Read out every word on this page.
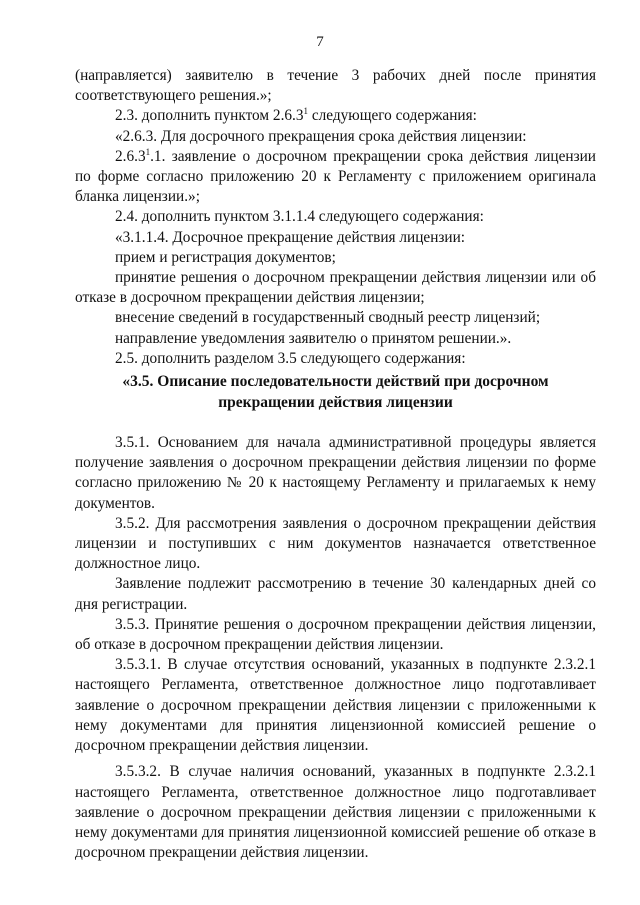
7

(направляется) заявителю в течение 3 рабочих дней после принятия соответствующего решения.»;

2.3. дополнить пунктом 2.6.3$^1$ следующего содержания:

«2.6.3. Для досрочного прекращения срока действия лицензии:

2.6.3$^1$.1. заявление о досрочном прекращении срока действия лицензии по форме согласно приложению 20 к Регламенту с приложением оригинала бланка лицензии.»;

2.4. дополнить пунктом 3.1.1.4 следующего содержания:

«3.1.1.4. Досрочное прекращение действия лицензии:

прием и регистрация документов;

принятие решения о досрочном прекращении действия лицензии или об отказе в досрочном прекращении действия лицензии;

внесение сведений в государственный сводный реестр лицензий;

направление уведомления заявителю о принятом решении.».

2.5. дополнить разделом 3.5 следующего содержания:

«3.5. Описание последовательности действий при досрочном прекращении действия лицензии

3.5.1. Основанием для начала административной процедуры является получение заявления о досрочном прекращении действия лицензии по форме согласно приложению № 20 к настоящему Регламенту и прилагаемых к нему документов.

3.5.2. Для рассмотрения заявления о досрочном прекращении действия лицензии и поступивших с ним документов назначается ответственное должностное лицо.

Заявление подлежит рассмотрению в течение 30 календарных дней со дня регистрации.

3.5.3. Принятие решения о досрочном прекращении действия лицензии, об отказе в досрочном прекращении действия лицензии.

3.5.3.1. В случае отсутствия оснований, указанных в подпункте 2.3.2.1 настоящего Регламента, ответственное должностное лицо подготавливает заявление о досрочном прекращении действия лицензии с приложенными к нему документами для принятия лицензионной комиссией решение о досрочном прекращении действия лицензии.

3.5.3.2. В случае наличия оснований, указанных в подпункте 2.3.2.1 настоящего Регламента, ответственное должностное лицо подготавливает заявление о досрочном прекращении действия лицензии с приложенными к нему документами для принятия лицензионной комиссией решение об отказе в досрочном прекращении действия лицензии.
